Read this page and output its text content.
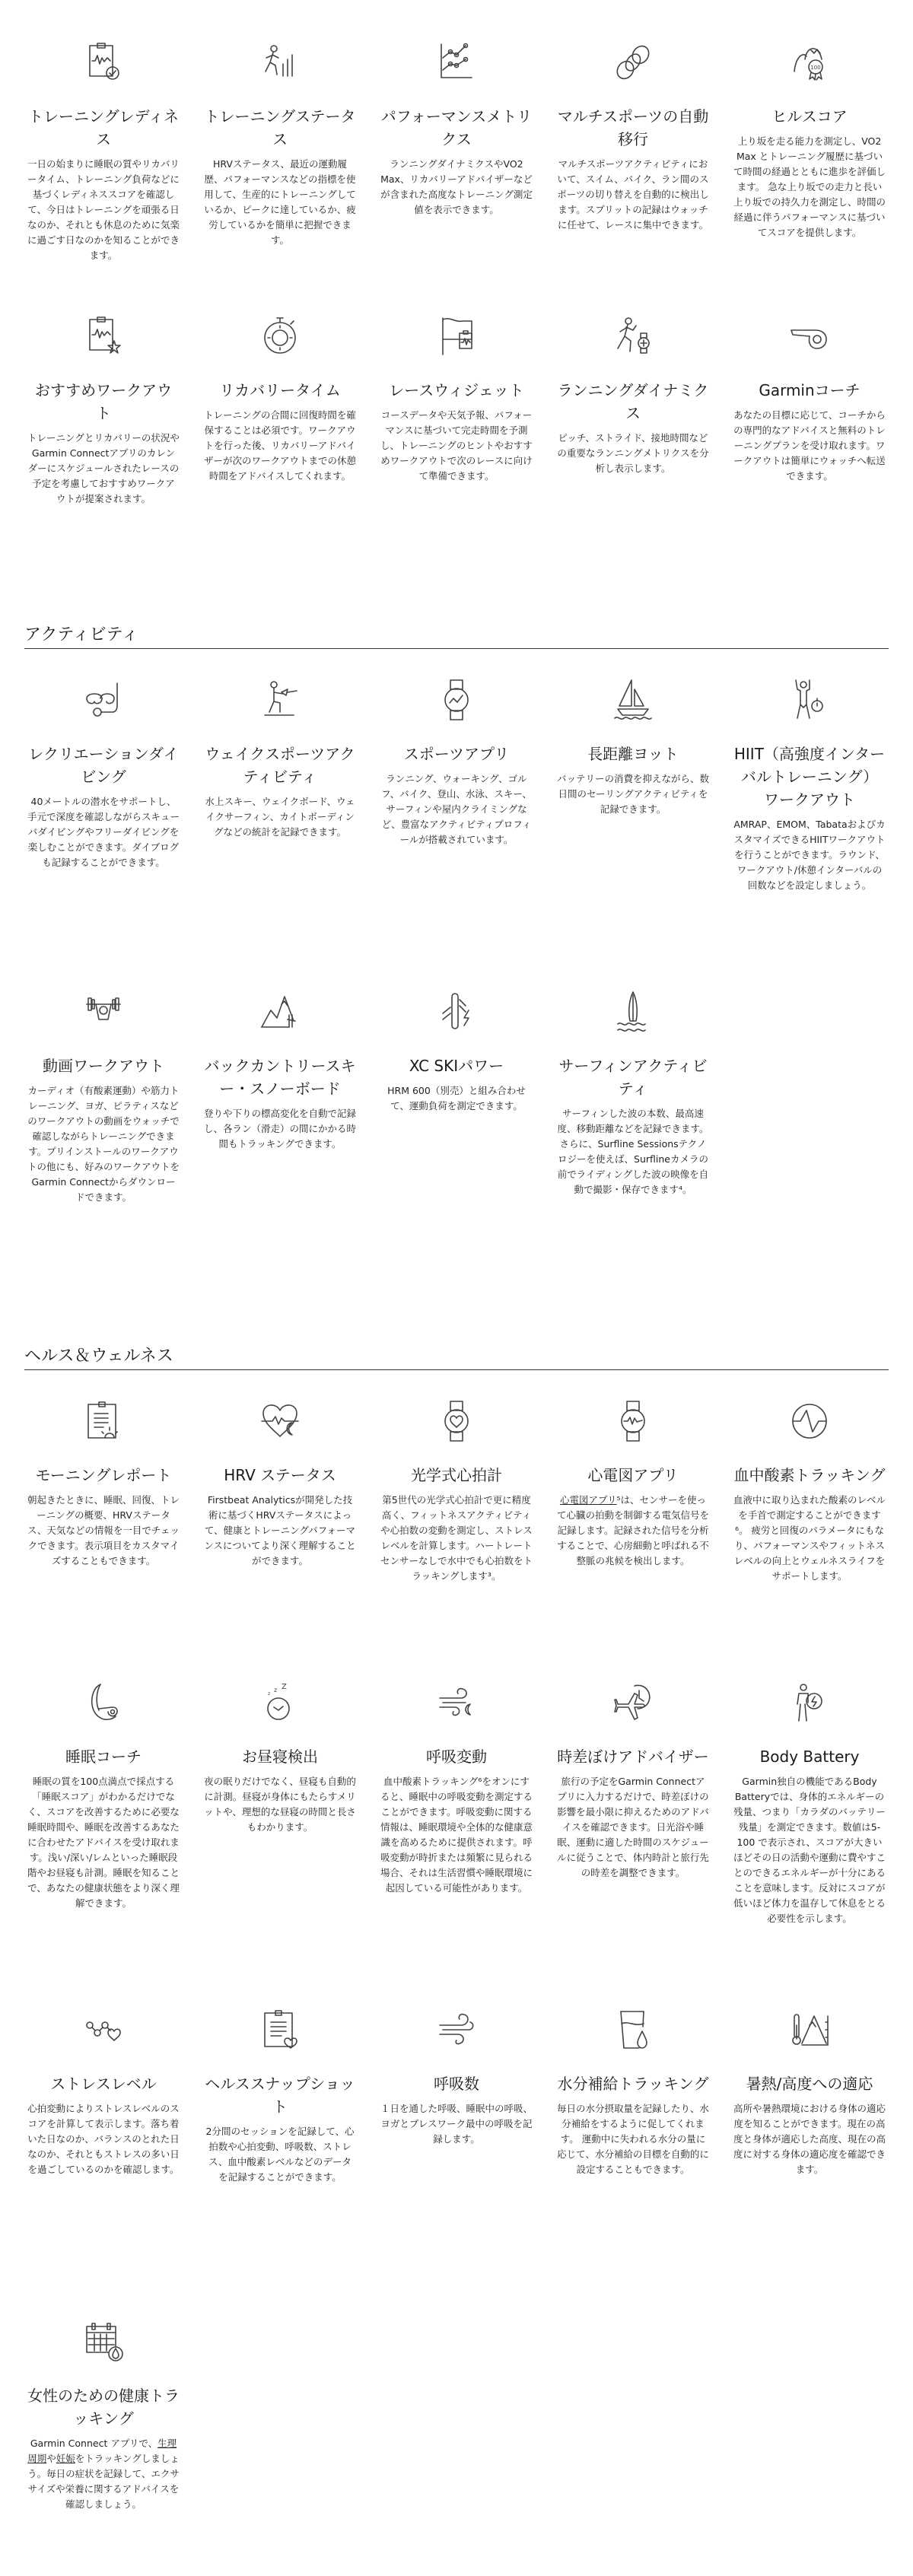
トレーニングレディネス
一日の始まりに睡眠の質やリカバリータイム、トレーニング負荷などに基づくレディネススコアを確認して、今日はトレーニングを頑張る日なのか、それとも休息のために気楽に過ごす日なのかを知ることができます。
トレーニングステータス
HRVステータス、最近の運動履歴、パフォーマンスなどの指標を使用して、生産的にトレーニングしているか、ピークに達しているか、疲労しているかを簡単に把握できます。
パフォーマンスメトリクス
ランニングダイナミクスやVO2 Max、リカバリーアドバイザーなどが含まれた高度なトレーニング測定値を表示できます。
マルチスポーツの自動移行
マルチスポーツアクティビティにおいて、スイム、バイク、ラン間のスポーツの切り替えを自動的に検出します。スプリットの記録はウォッチに任せて、レースに集中できます。
100
ヒルスコア
上り坂を走る能力を測定し、VO2 Max とトレーニング履歴に基づいて時間の経過とともに進歩を評価します。 急な上り坂での走力と長い上り坂での持久力を測定し、時間の経過に伴うパフォーマンスに基づいてスコアを提供します。
おすすめワークアウト
トレーニングとリカバリーの状況やGarmin Connectアプリのカレンダーにスケジュールされたレースの予定を考慮しておすすめワークアウトが提案されます。
リカバリータイム
トレーニングの合間に回復時間を確保することは必須です。ワークアウトを行った後、リカバリーアドバイザーが次のワークアウトまでの休憩時間をアドバイスしてくれます。
レースウィジェット
コースデータや天気予報、パフォーマンスに基づいて完走時間を予測し、トレーニングのヒントやおすすめワークアウトで次のレースに向けて準備できます。
ランニングダイナミクス
ピッチ、ストライド、接地時間などの重要なランニングメトリクスを分析し表示します。
Garminコーチ
あなたの目標に応じて、コーチからの専門的なアドバイスと無料のトレーニングプランを受け取れます。ワークアウトは簡単にウォッチへ転送できます。
アクティビティ
レクリエーションダイビング
40メートルの潜水をサポートし、手元で深度を確認しながらスキューバダイビングやフリーダイビングを楽しむことができます。ダイブログも記録することができます。
ウェイクスポーツアクティビティ
水上スキー、ウェイクボード、ウェイクサーフィン、カイトボーディングなどの統計を記録できます。
スポーツアプリ
ランニング、ウォーキング、ゴルフ、バイク、登山、水泳、スキー、サーフィンや屋内クライミングなど、豊富なアクティビティプロフィールが搭載されています。
長距離ヨット
バッテリーの消費を抑えながら、数日間のセーリングアクティビティを記録できます。
HIIT（高強度インターバルトレーニング）ワークアウト
AMRAP、EMOM、TabataおよびカスタマイズできるHIITワークアウトを行うことができます。ラウンド、ワークアウト/休憩インターバルの回数などを設定しましょう。
動画ワークアウト
カーディオ（有酸素運動）や筋力トレーニング、ヨガ、ピラティスなどのワークアウトの動画をウォッチで確認しながらトレーニングできます。プリインストールのワークアウトの他にも、好みのワークアウトをGarmin Connectからダウンロードできます。
バックカントリースキー・スノーボード
登りや下りの標高変化を自動で記録し、各ラン（滑走）の間にかかる時間もトラッキングできます。
XC SKIパワー
HRM 600（別売）と組み合わせて、運動負荷を測定できます。
サーフィンアクティビティ
サーフィンした波の本数、最高速度、移動距離などを記録できます。さらに、Surfline Sessionsテクノロジーを使えば、Surflineカメラの前でライディングした波の映像を自動で撮影・保存できます⁴。
ヘルス＆ウェルネス
モーニングレポート
朝起きたときに、睡眠、回復、トレーニングの概要、HRVステータス、天気などの情報を一目でチェックできます。表示項目をカスタマイズすることもできます。
HRV ステータス
Firstbeat Analyticsが開発した技術に基づくHRVステータスによって、健康とトレーニングパフォーマンスについてより深く理解することができます。
光学式心拍計
第5世代の光学式心拍計で更に精度高く、フィットネスアクティビティや心拍数の変動を測定し、ストレスレベルを計算します。ハートレートセンサーなしで水中でも心拍数をトラッキングします³。
心電図アプリ
心電図アプリ⁵は、センサーを使って心臓の拍動を制御する電気信号を記録します。記録された信号を分析することで、心房細動と呼ばれる不整脈の兆候を検出します。
血中酸素トラッキング
血液中に取り込まれた酸素のレベルを手首で測定することができます⁶。 疲労と回復のパラメータにもなり、パフォーマンスやフィットネスレベルの向上とウェルネスライフをサポートします。
睡眠コーチ
睡眠の質を100点満点で採点する「睡眠スコア」がわかるだけでなく、スコアを改善するために必要な睡眠時間や、睡眠を改善するあなたに合わせたアドバイスを受け取れます。浅い/深い/レムといった睡眠段階やお昼寝も計測。睡眠を知ることで、あなたの健康状態をより深く理解できます。
z
z Z
お昼寝検出
夜の眠りだけでなく、昼寝も自動的に計測。昼寝が身体にもたらすメリットや、理想的な昼寝の時間と長さもわかります。
呼吸変動
血中酸素トラッキング⁶をオンにすると、睡眠中の呼吸変動を測定することができます。呼吸変動に関する情報は、睡眠環境や全体的な健康意識を高めるために提供されます。呼吸変動が時折または頻繁に見られる場合、それは生活習慣や睡眠環境に起因している可能性があります。
時差ぼけアドバイザー
旅行の予定をGarmin Connectアプリに入力するだけで、時差ぼけの影響を最小限に抑えるためのアドバイスを確認できます。日光浴や睡眠、運動に適した時間のスケジュールに従うことで、体内時計と旅行先の時差を調整できます。
Body Battery
Garmin独自の機能であるBody Batteryでは、身体的エネルギーの残量、つまり「カラダのバッテリー残量」を測定できます。数値は5-100 で表示され、スコアが大きいほどその日の活動や運動に費やすことのできるエネルギーが十分にあることを意味します。反対にスコアが低いほど体力を温存して休息をとる必要性を示します。
ストレスレベル
心拍変動によりストレスレベルのスコアを計算して表示します。落ち着いた日なのか、バランスのとれた日なのか、それともストレスの多い日を過ごしているのかを確認します。
ヘルススナップショット
2分間のセッションを記録して、心拍数や心拍変動、呼吸数、ストレス、血中酸素レベルなどのデータを記録することができます。
呼吸数
１日を通した呼吸、睡眠中の呼吸、ヨガとブレスワーク最中の呼吸を記録します。
水分補給トラッキング
毎日の水分摂取量を記録したり、水分補給をするように促してくれます。 運動中に失われる水分の量に応じて、水分補給の目標を自動的に設定することもできます。
暑熱/高度への適応
高所や暑熱環境における身体の適応度を知ることができます。現在の高度と身体が適応した高度、現在の高度に対する身体の適応度を確認できます。
女性のための健康トラッキング
Garmin Connect アプリで、生理周期や妊娠をトラッキングしましょう。毎日の症状を記録して、エクササイズや栄養に関するアドバイスを確認しましょう。
